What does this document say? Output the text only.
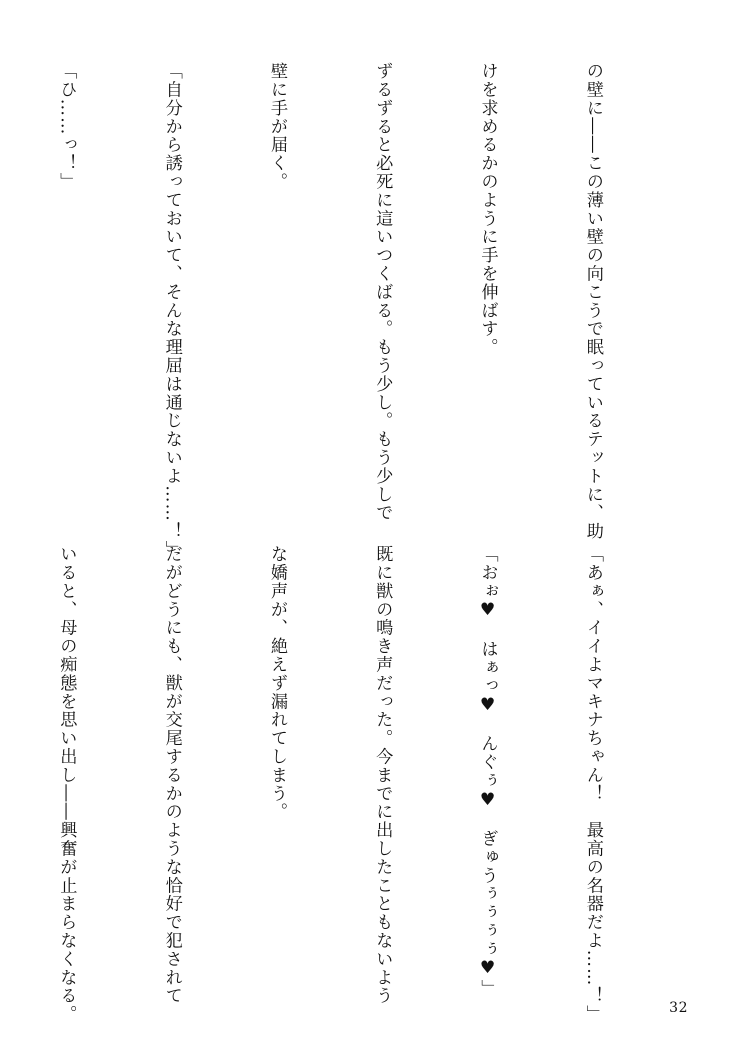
の壁に――この薄い壁の向こうで眠っているテットに、助

けを求めるかのように手を伸ばす。

ずるずると必死に這いつくばる。もう少し。もう少しで

壁に手が届く。

「自分から誘っておいて、そんな理屈は通じないよ……！」

「ひ……っ！」

「あぁ、イイよマキナちゃん！　最高の名器だよ……！」

「おぉ♥　はぁっ♥　んぐぅ♥　ぎゅうぅぅぅぅ♥」

既に獣の鳴き声だった。今までに出したこともないよう

な嬌声が、絶えず漏れてしまう。

だがどうにも、獣が交尾するかのような恰好で犯されて

いると、母の痴態を思い出し――興奮が止まらなくなる。

	32
